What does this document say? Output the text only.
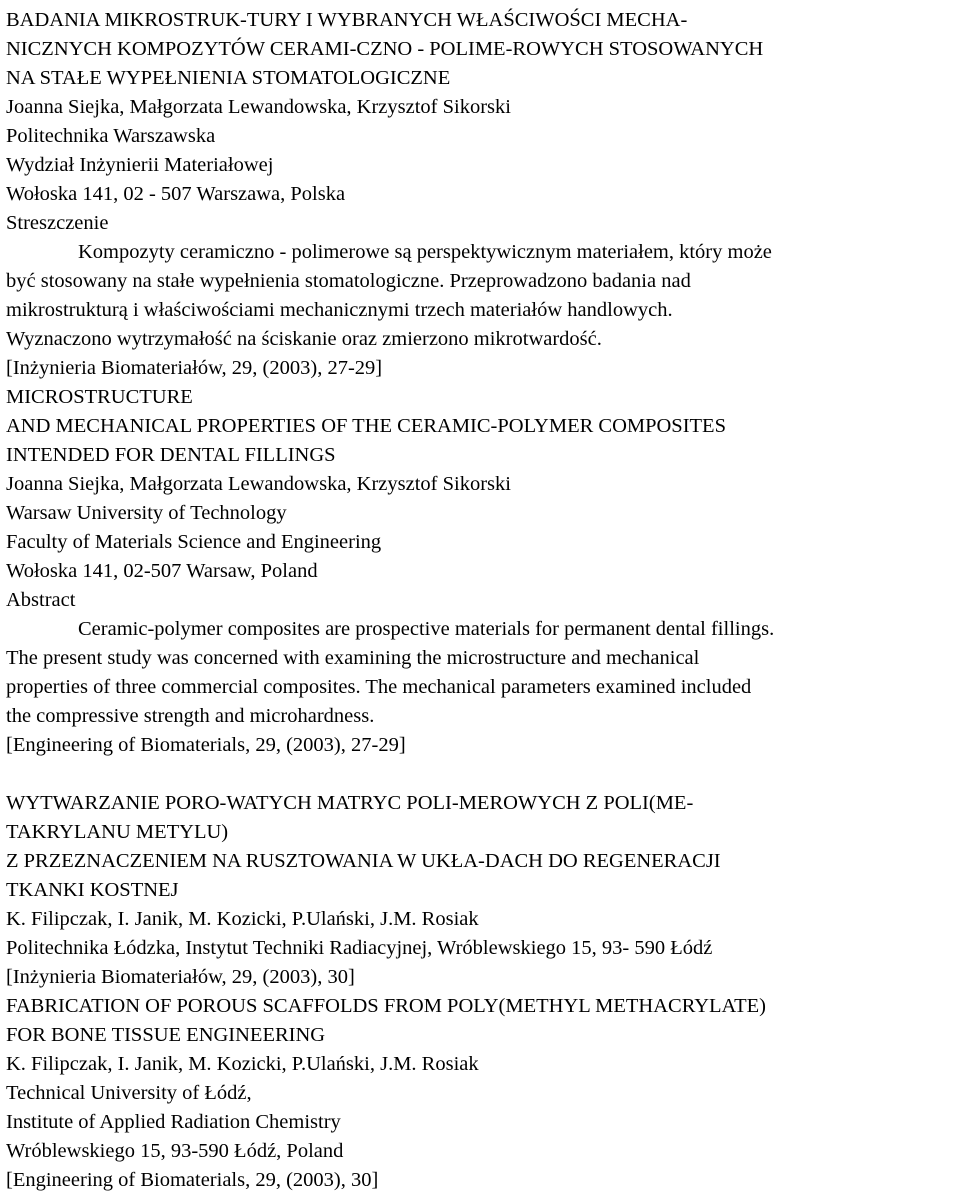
BADANIA MIKROSTRUK-TURY I WYBRANYCH WŁAŚCIWOŚCI MECHA-
NICZNYCH KOMPOZYTÓW CERAMI-CZNO - POLIME-ROWYCH STOSOWANYCH
NA STAŁE WYPEŁNIENIA STOMATOLOGICZNE
Joanna Siejka, Małgorzata Lewandowska, Krzysztof Sikorski
Politechnika Warszawska
Wydział Inżynierii Materiałowej
Wołoska 141, 02 - 507 Warszawa, Polska
Streszczenie
Kompozyty ceramiczno - polimerowe są perspektywicznym materiałem, który może
być stosowany na stałe wypełnienia stomatologiczne. Przeprowadzono badania nad
mikrostrukturą i właściwościami mechanicznymi trzech materiałów handlowych.
Wyznaczono wytrzymałość na ściskanie oraz zmierzono mikrotwardość.
[Inżynieria Biomateriałów, 29, (2003), 27-29]
MICROSTRUCTURE
AND MECHANICAL PROPERTIES OF THE CERAMIC-POLYMER COMPOSITES
INTENDED FOR DENTAL FILLINGS
Joanna Siejka, Małgorzata Lewandowska, Krzysztof Sikorski
Warsaw University of Technology
Faculty of Materials Science and Engineering
Wołoska 141, 02-507 Warsaw, Poland
Abstract
Ceramic-polymer composites are prospective materials for permanent dental fillings.
The present study was concerned with examining the microstructure and mechanical
properties of three commercial composites. The mechanical parameters examined included
the compressive strength and microhardness.
[Engineering of Biomaterials, 29, (2003), 27-29]
WYTWARZANIE PORO-WATYCH MATRYC POLI-MEROWYCH Z POLI(ME-
TAKRYLANU METYLU)
Z PRZEZNACZENIEM NA RUSZTOWANIA W UKŁA-DACH DO REGENERACJI
TKANKI KOSTNEJ
K. Filipczak, I. Janik, M. Kozicki, P.Ulański, J.M. Rosiak
Politechnika Łódzka, Instytut Techniki Radiacyjnej, Wróblewskiego 15, 93- 590 Łódź
[Inżynieria Biomateriałów, 29, (2003), 30]
FABRICATION OF POROUS SCAFFOLDS FROM POLY(METHYL METHACRYLATE)
FOR BONE TISSUE ENGINEERING
K. Filipczak, I. Janik, M. Kozicki, P.Ulański, J.M. Rosiak
Technical University of Łódź,
Institute of Applied Radiation Chemistry
Wróblewskiego 15, 93-590 Łódź, Poland
[Engineering of Biomaterials, 29, (2003), 30]
